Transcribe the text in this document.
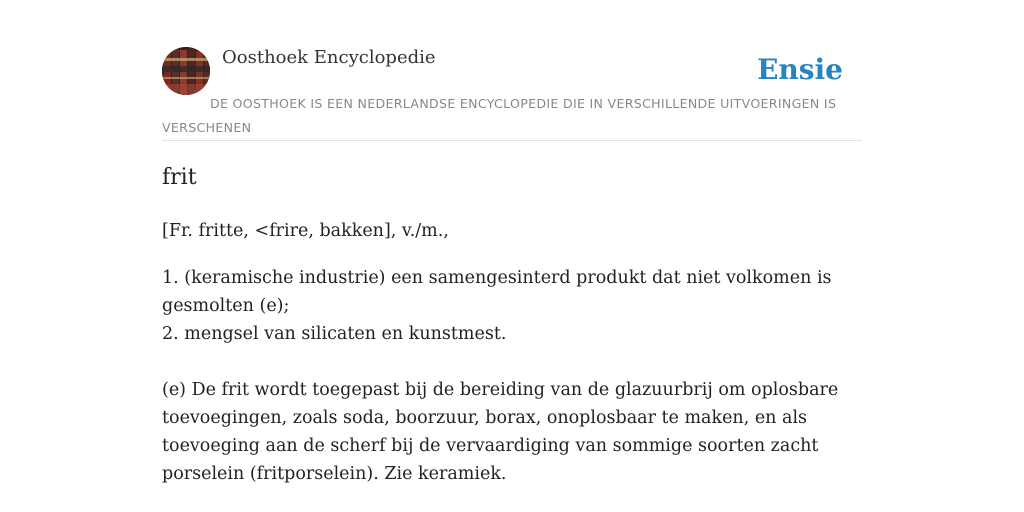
Oosthoek Encyclopedie	Ensie
DE OOSTHOEK IS EEN NEDERLANDSE ENCYCLOPEDIE DIE IN VERSCHILLENDE UITVOERINGEN IS VERSCHENEN
frit

[Fr. fritte, <frire, bakken], v./m.,

1. (keramische industrie) een samengesinterd produkt dat niet volkomen is gesmolten (e);
2. mengsel van silicaten en kunstmest.

(e) De frit wordt toegepast bij de bereiding van de glazuurbrij om oplosbare toevoegingen, zoals soda, boorzuur, borax, onoplosbaar te maken, en als toevoeging aan de scherf bij de vervaardiging van sommige soorten zacht porselein (fritporselein). Zie keramiek.
